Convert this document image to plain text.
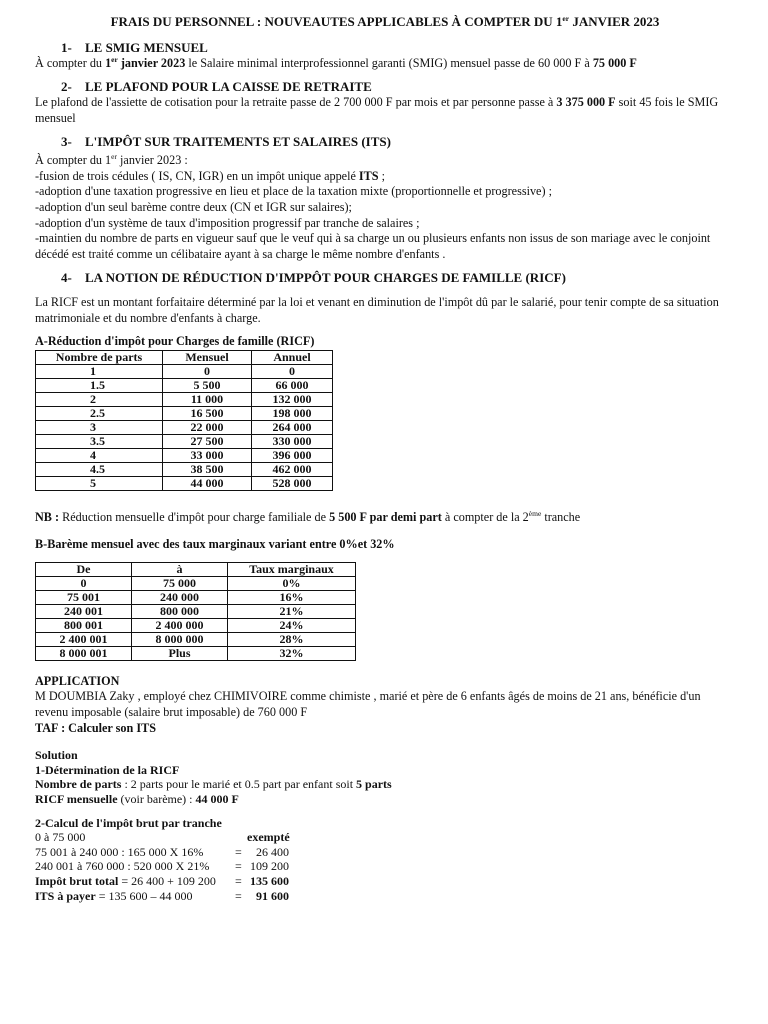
FRAIS DU PERSONNEL : NOUVEAUTES APPLICABLES À COMPTER DU 1er JANVIER 2023
1- LE SMIG MENSUEL

À compter du 1er janvier 2023 le Salaire minimal interprofessionnel garanti (SMIG) mensuel passe de 60 000 F à 75 000 F

2- LE PLAFOND POUR LA CAISSE DE RETRAITE

Le plafond de l'assiette de cotisation pour la retraite passe de 2 700 000 F par mois et par personne passe à 3 375 000 F soit 45 fois le SMIG mensuel

3- L'IMPÔT SUR TRAITEMENTS ET SALAIRES (ITS)

À compter du 1er janvier 2023 :

-fusion de trois cédules ( IS, CN, IGR) en un impôt unique appelé ITS ;

-adoption d'une taxation progressive en lieu et place de la taxation mixte (proportionnelle et progressive) ;

-adoption d'un seul barème contre deux (CN et IGR sur salaires);

-adoption d'un système de taux d'imposition progressif par tranche de salaires ;

-maintien du nombre de parts en vigueur sauf que le veuf qui à sa charge un ou plusieurs enfants non issus de son mariage avec le conjoint décédé est traité comme un célibataire ayant à sa charge le même nombre d'enfants .

4- LA NOTION DE RÉDUCTION D'IMPPÔT POUR CHARGES DE FAMILLE (RICF)

La RICF est un montant forfaitaire déterminé par la loi et venant en diminution de l'impôt dû par le salarié, pour tenir compte de sa situation matrimoniale et du nombre d'enfants à charge.

A-Réduction d'impôt pour Charges de famille (RICF)

Nombre de parts	Mensuel	Annuel
1	0	0
1.5	5 500	66 000
2	11 000	132 000
2.5	16 500	198 000
3	22 000	264 000
3.5	27 500	330 000
4	33 000	396 000
4.5	38 500	462 000
5	44 000	528 000

NB : Réduction mensuelle d'impôt pour charge familiale de 5 500 F par demi part à compter de la 2ème tranche

B-Barème mensuel avec des taux marginaux variant entre 0%et 32%

De	à	Taux marginaux
0	75 000	0%
75 001	240 000	16%
240 001	800 000	21%
800 001	2 400 000	24%
2 400 001	8 000 000	28%
8 000 001	Plus	32%

APPLICATION

M DOUMBIA Zaky , employé chez CHIMIVOIRE comme chimiste , marié et père de 6 enfants âgés de moins de 21 ans, bénéficie d'un revenu imposable (salaire brut imposable) de 760 000 F

TAF : Calculer son ITS

Solution
1-Détermination de la RICF
Nombre de parts : 2 parts pour le marié et 0.5 part par enfant soit 5 parts
RICF mensuelle (voir barème) : 44 000 F
2-Calcul de l'impôt brut par tranche
0 à 75 000	exempté
75 001 à 240 000 : 165 000 X 16%	= 26 400
240 001 à 760 000 : 520 000 X 21% = 109 200
Impôt brut total = 26 400 + 109 200 = 135 600
ITS à payer = 135 600 – 44 000	= 91 600
